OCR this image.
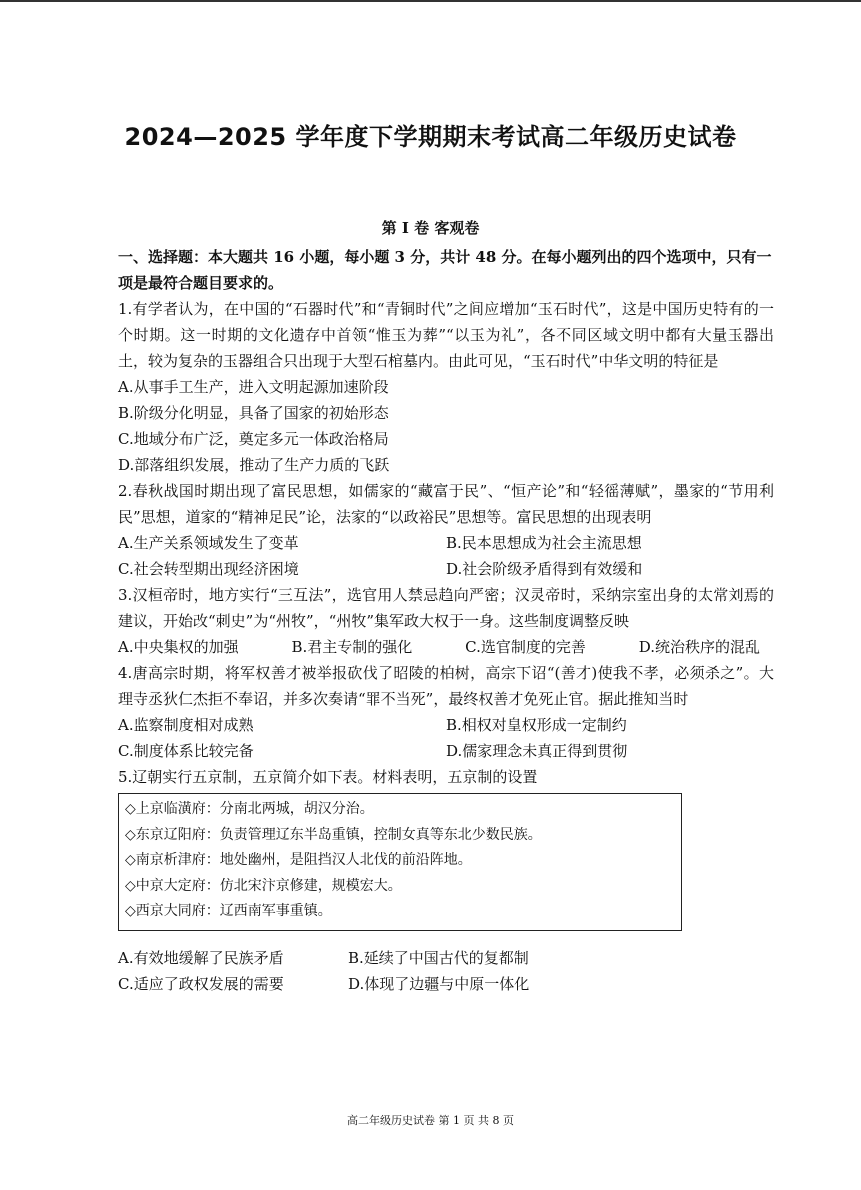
2024—2025 学年度下学期期末考试高二年级历史试卷
第 I 卷 客观卷

一、选择题：本大题共 16 小题，每小题 3 分，共计 48 分。在每小题列出的四个选项中，只有一项是最符合题目要求的。

1.有学者认为，在中国的“石器时代”和“青铜时代”之间应增加“玉石时代”，这是中国历史特有的一个时期。这一时期的文化遗存中首领“惟玉为葬”“以玉为礼”，各不同区域文明中都有大量玉器出土，较为复杂的玉器组合只出现于大型石棺墓内。由此可见，“玉石时代”中华文明的特征是

A.从事手工生产，进入文明起源加速阶段

B.阶级分化明显，具备了国家的初始形态

C.地域分布广泛，奠定多元一体政治格局

D.部落组织发展，推动了生产力质的飞跃

2.春秋战国时期出现了富民思想，如儒家的“藏富于民”、“恒产论”和“轻徭薄赋”，墨家的“节用利民”思想，道家的“精神足民”论，法家的“以政裕民”思想等。富民思想的出现表明

A.生产关系领域发生了变革	B.民本思想成为社会主流思想
C.社会转型期出现经济困境	D.社会阶级矛盾得到有效缓和

3.汉桓帝时，地方实行“三互法”，选官用人禁忌趋向严密；汉灵帝时，采纳宗室出身的太常刘焉的建议，开始改“刺史”为“州牧”，“州牧”集军政大权于一身。这些制度调整反映

A.中央集权的加强	B.君主专制的强化	C.选官制度的完善	D.统治秩序的混乱

4.唐高宗时期，将军权善才被举报砍伐了昭陵的柏树，高宗下诏“(善才)使我不孝，必须杀之”。大理寺丞狄仁杰拒不奉诏，并多次奏请“罪不当死”，最终权善才免死止官。据此推知当时

A.监察制度相对成熟	B.相权对皇权形成一定制约
C.制度体系比较完备	D.儒家理念未真正得到贯彻

5.辽朝实行五京制，五京简介如下表。材料表明，五京制的设置

◇上京临潢府：分南北两城，胡汉分治。
◇东京辽阳府：负责管理辽东半岛重镇，控制女真等东北少数民族。
◇南京析津府：地处幽州，是阻挡汉人北伐的前沿阵地。
◇中京大定府：仿北宋汴京修建，规模宏大。
◇西京大同府：辽西南军事重镇。
A.有效地缓解了民族矛盾	B.延续了中国古代的复都制
C.适应了政权发展的需要	D.体现了边疆与中原一体化
高二年级历史试卷 第 1 页 共 8 页
